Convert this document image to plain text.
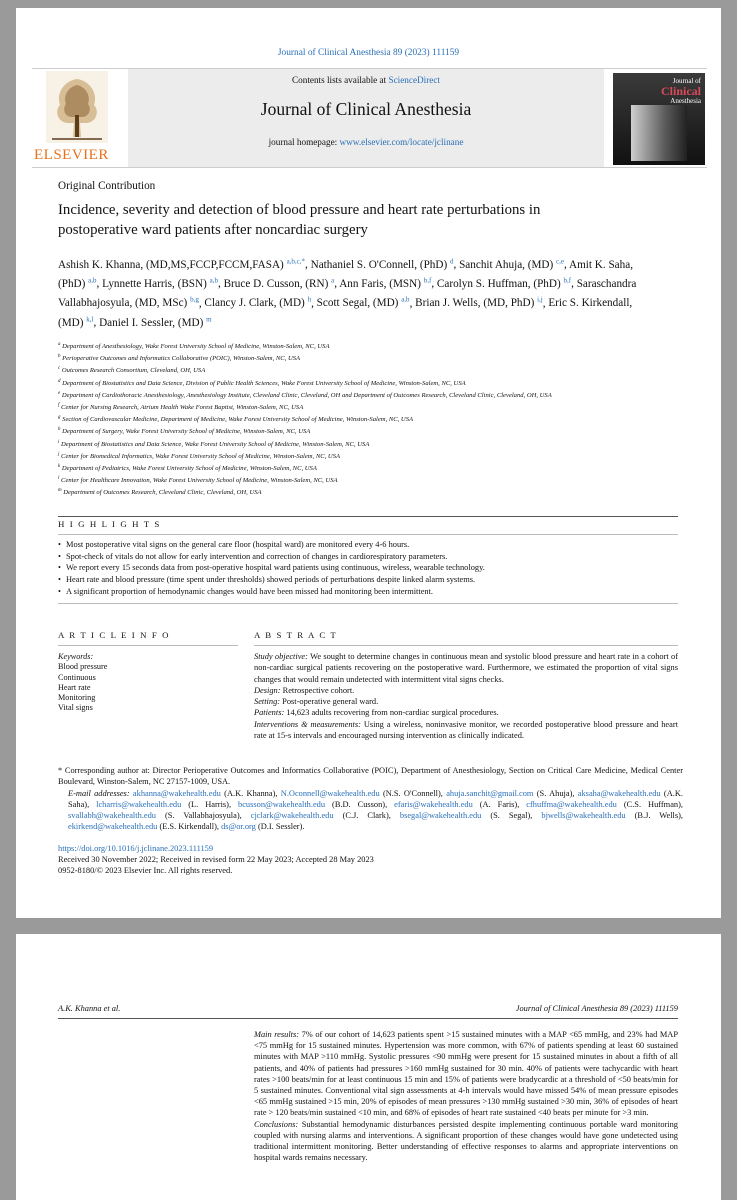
Journal of Clinical Anesthesia 89 (2023) 111159
ELSEVIER
Contents lists available at ScienceDirect
Journal of Clinical Anesthesia
journal homepage: www.elsevier.com/locate/jclinane
Journal of
Clinical
Anesthesia
Original Contribution
Incidence, severity and detection of blood pressure and heart rate perturbations in postoperative ward patients after noncardiac surgery
Ashish K. Khanna, (MD,MS,FCCP,FCCM,FASA) $^{a,b,c,*}$, Nathaniel S. O'Connell, (PhD) $^d$, Sanchit Ahuja, (MD) $^{c,e}$, Amit K. Saha, (PhD) $^{a,b}$, Lynnette Harris, (BSN) $^{a,b}$, Bruce D. Cusson, (RN) $^a$, Ann Faris, (MSN) $^{b,f}$, Carolyn S. Huffman, (PhD) $^{b,f}$, Saraschandra Vallabhajosyula, (MD, MSc) $^{b,g}$, Clancy J. Clark, (MD) $^h$, Scott Segal, (MD) $^{a,b}$, Brian J. Wells, (MD, PhD) $^{i,j}$, Eric S. Kirkendall, (MD) $^{k,l}$, Daniel I. Sessler, (MD) $^m$
$^a$ Department of Anesthesiology, Wake Forest University School of Medicine, Winston-Salem, NC, USA
$^b$ Perioperative Outcomes and Informatics Collaborative (POIC), Winston-Salem, NC, USA
$^c$ Outcomes Research Consortium, Cleveland, OH, USA
$^d$ Department of Biostatistics and Data Science, Division of Public Health Sciences, Wake Forest University School of Medicine, Winston-Salem, NC, USA
$^e$ Department of Cardiothoracic Anesthesiology, Anesthesiology Institute, Cleveland Clinic, Cleveland, OH and Department of Outcomes Research, Cleveland Clinic, Cleveland, OH, USA
$^f$ Center for Nursing Research, Atrium Health Wake Forest Baptist, Winston-Salem, NC, USA
$^g$ Section of Cardiovascular Medicine, Department of Medicine, Wake Forest University School of Medicine, Winston-Salem, NC, USA
$^h$ Department of Surgery, Wake Forest University School of Medicine, Winston-Salem, NC, USA
$^i$ Department of Biostatistics and Data Science, Wake Forest University School of Medicine, Winston-Salem, NC, USA
$^j$ Center for Biomedical Informatics, Wake Forest University School of Medicine, Winston-Salem, NC, USA
$^k$ Department of Pediatrics, Wake Forest University School of Medicine, Winston-Salem, NC, USA
$^l$ Center for Healthcare Innovation, Wake Forest University School of Medicine, Winston-Salem, NC, USA
$^m$ Department of Outcomes Research, Cleveland Clinic, Cleveland, OH, USA
H I G H L I G H T S
• Most postoperative vital signs on the general care floor (hospital ward) are monitored every 4-6 hours.
• Spot-check of vitals do not allow for early intervention and correction of changes in cardiorespiratory parameters.
• We report every 15 seconds data from post-operative hospital ward patients using continuous, wireless, wearable technology.
• Heart rate and blood pressure (time spent under thresholds) showed periods of perturbations despite linked alarm systems.
• A significant proportion of hemodynamic changes would have been missed had monitoring been intermittent.
A R T I C L E I N F O	A B S T R A C T
Keywords:
Blood pressure
Continuous
Heart rate
Monitoring
Vital signs

Study objective: We sought to determine changes in continuous mean and systolic blood pressure and heart rate in a cohort of non-cardiac surgical patients recovering on the postoperative ward. Furthermore, we estimated the proportion of vital signs changes that would remain undetected with intermittent vital signs checks.

Design: Retrospective cohort.

Setting: Post-operative general ward.

Patients: 14,623 adults recovering from non-cardiac surgical procedures.

Interventions & measurements: Using a wireless, noninvasive monitor, we recorded postoperative blood pressure and heart rate at 15-s intervals and encouraged nursing intervention as clinically indicated.

* Corresponding author at: Director Perioperative Outcomes and Informatics Collaborative (POIC), Department of Anesthesiology, Section on Critical Care Medicine, Medical Center Boulevard, Winston-Salem, NC 27157-1009, USA.

E-mail addresses: akhanna@wakehealth.edu (A.K. Khanna), N.Oconnell@wakehealth.edu (N.S. O'Connell), ahuja.sanchit@gmail.com (S. Ahuja), aksaha@wakehealth.edu (A.K. Saha), lcharris@wakehealth.edu (L. Harris), bcusson@wakehealth.edu (B.D. Cusson), efaris@wakehealth.edu (A. Faris), cfhuffma@wakehealth.edu (C.S. Huffman), svallabh@wakehealth.edu (S. Vallabhajosyula), cjclark@wakehealth.edu (C.J. Clark), bsegal@wakehealth.edu (S. Segal), bjwells@wakehealth.edu (B.J. Wells), ekirkend@wakehealth.edu (E.S. Kirkendall), ds@or.org (D.I. Sessler).

https://doi.org/10.1016/j.jclinane.2023.111159
Received 30 November 2022; Received in revised form 22 May 2023; Accepted 28 May 2023
0952-8180/© 2023 Elsevier Inc. All rights reserved.
A.K. Khanna et al.	Journal of Clinical Anesthesia 89 (2023) 111159

Main results: 7% of our cohort of 14,623 patients spent >15 sustained minutes with a MAP <65 mmHg, and 23% had MAP <75 mmHg for 15 sustained minutes. Hypertension was more common, with 67% of patients spending at least 60 sustained minutes with MAP >110 mmHg. Systolic pressures <90 mmHg were present for 15 sustained minutes in about a fifth of all patients, and 40% of patients had pressures >160 mmHg sustained for 30 min. 40% of patients were tachycardic with heart rates >100 beats/min for at least continuous 15 min and 15% of patients were bradycardic at a threshold of <50 beats/min for 5 sustained minutes. Conventional vital sign assessments at 4-h intervals would have missed 54% of mean pressure episodes <65 mmHg sustained >15 min, 20% of episodes of mean pressures >130 mmHg sustained >30 min, 36% of episodes of heart rate > 120 beats/min sustained <10 min, and 68% of episodes of heart rate sustained <40 beats per minute for >3 min.

Conclusions: Substantial hemodynamic disturbances persisted despite implementing continuous portable ward monitoring coupled with nursing alarms and interventions. A significant proportion of these changes would have gone undetected using traditional intermittent monitoring. Better understanding of effective responses to alarms and appropriate interventions on hospital wards remains necessary.
